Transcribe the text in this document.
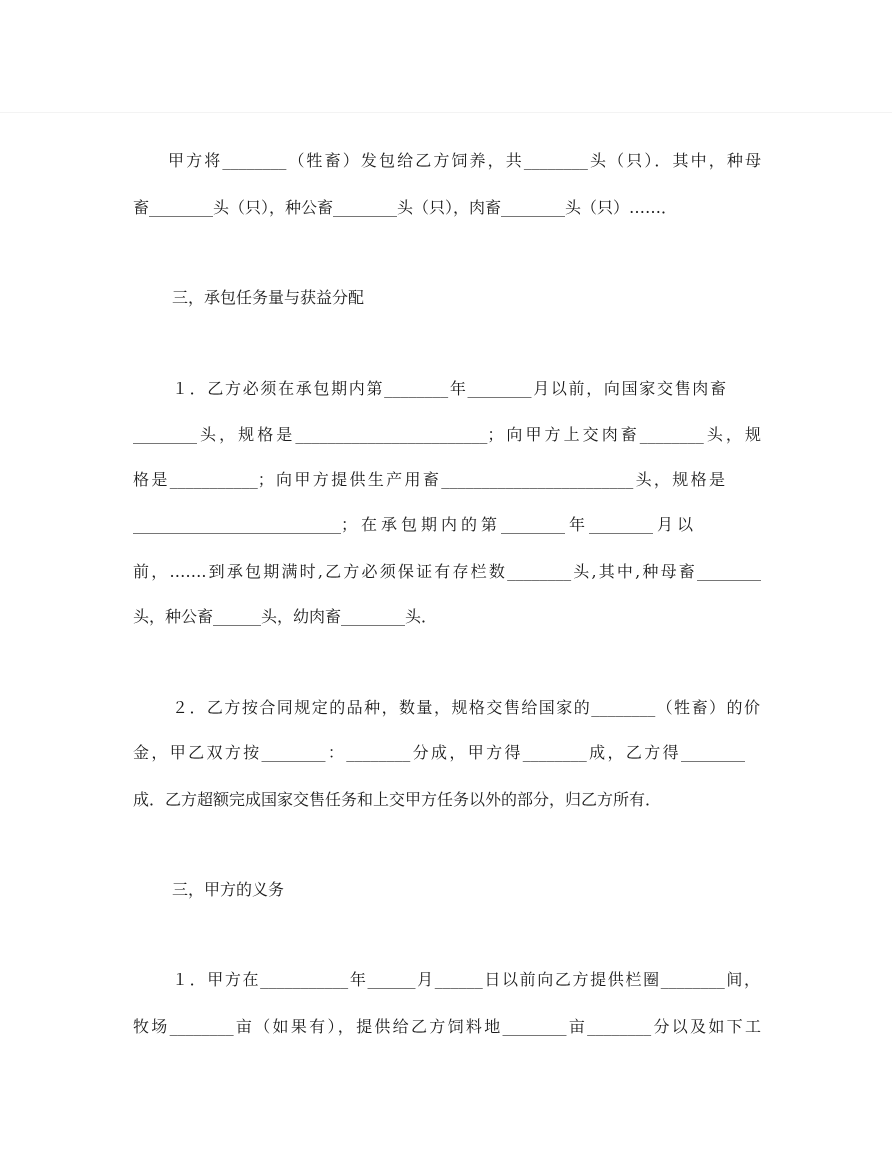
甲方将________（牲畜）发包给乙方饲养，共________头（只）．其中，种母
畜________头（只），种公畜________头（只），肉畜________头（只）……．
三，承包任务量与获益分配
１．乙方必须在承包期内第________年________月以前，向国家交售肉畜
________头，规格是________________________；向甲方上交肉畜________头，规
格是___________；向甲方提供生产用畜________________________头，规格是
__________________________；在承包期内的第________年________月以
前，…….到承包期满时,乙方必须保证有存栏数________头,其中,种母畜________
头，种公畜______头，幼肉畜________头．
２．乙方按合同规定的品种，数量，规格交售给国家的________（牲畜）的价
金，甲乙双方按________：________分成，甲方得________成，乙方得________
成．乙方超额完成国家交售任务和上交甲方任务以外的部分，归乙方所有．
三，甲方的义务
１．甲方在___________年______月______日以前向乙方提供栏圈________间，
牧场________亩（如果有），提供给乙方饲料地________亩________分以及如下工
